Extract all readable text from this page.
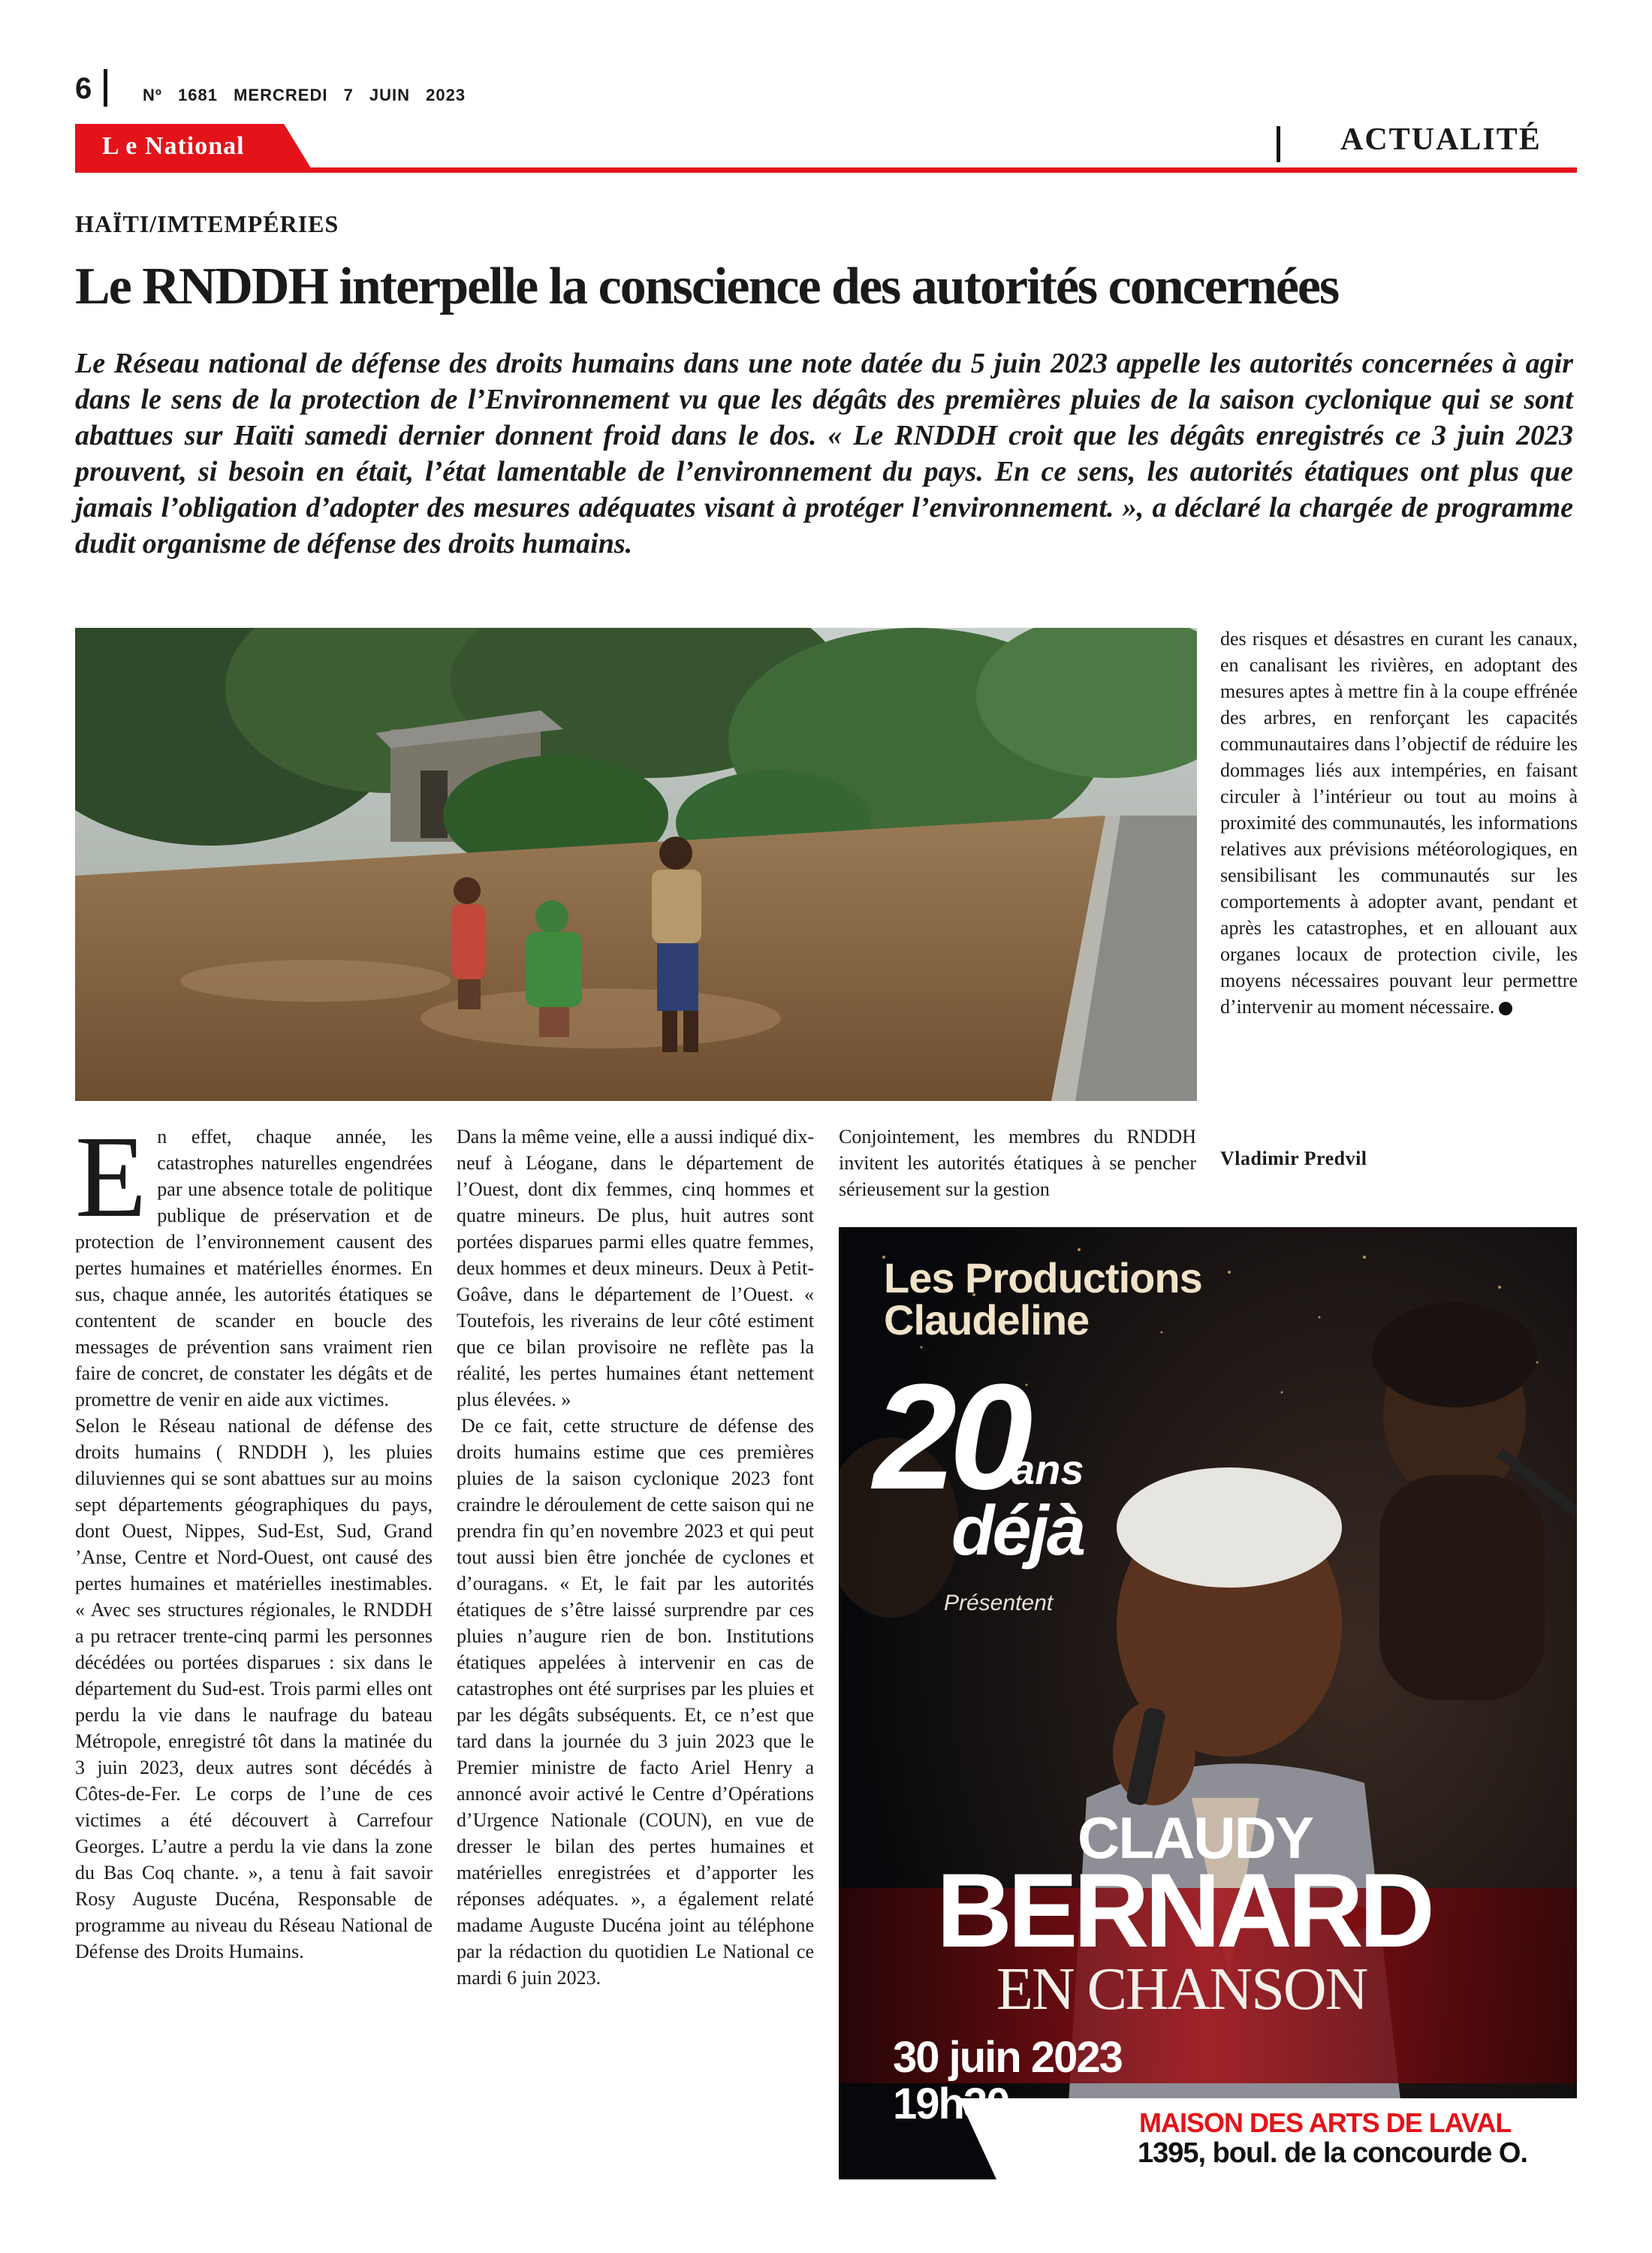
6	Nº 1681 MERCREDI 7 JUIN 2023
L e National	ACTUALITÉ
HAÏTI/IMTEMPÉRIES
Le RNDDH interpelle la conscience des autorités concernées
Le Réseau national de défense des droits humains dans une note datée du 5 juin 2023 appelle les autorités concernées à agir dans le sens de la protection de l’Environnement vu que les dégâts des premières pluies de la saison cyclonique qui se sont abattues sur Haïti samedi dernier donnent froid dans le dos. « Le RNDDH croit que les dégâts enregistrés ce 3 juin 2023 prouvent, si besoin en était, l’état lamentable de l’environnement du pays. En ce sens, les autorités étatiques ont plus que jamais l’obligation d’adopter des mesures adéquates visant à protéger l’environnement. », a déclaré la chargée de programme dudit organisme de défense des droits humains.

En effet, chaque année, les catastrophes naturelles engendrées par une absence totale de politique publique de préservation et de protection de l’environnement causent des pertes humaines et matérielles énormes. En sus, chaque année, les autorités étatiques se contentent de scander en boucle des messages de prévention sans vraiment rien faire de concret, de constater les dégâts et de promettre de venir en aide aux victimes.

Selon le Réseau national de défense des droits humains ( RNDDH ), les pluies diluviennes qui se sont abattues sur au moins sept départements géographiques du pays, dont Ouest, Nippes, Sud-Est, Sud, Grand ’Anse, Centre et Nord-Ouest, ont causé des pertes humaines et matérielles inestimables. « Avec ses structures régionales, le RNDDH a pu retracer trente-cinq parmi les personnes décédées ou portées disparues : six dans le département du Sud-est. Trois parmi elles ont perdu la vie dans le naufrage du bateau Métropole, enregistré tôt dans la matinée du 3 juin 2023, deux autres sont décédés à Côtes-de-Fer. Le corps de l’une de ces victimes a été découvert à Carrefour Georges. L’autre a perdu la vie dans la zone du Bas Coq chante. », a tenu à fait savoir Rosy Auguste Ducéna, Responsable de programme au niveau du Réseau National de Défense des Droits Humains.

Dans la même veine, elle a aussi indiqué dix-neuf à Léogane, dans le département de l’Ouest, dont dix femmes, cinq hommes et quatre mineurs. De plus, huit autres sont portées disparues parmi elles quatre femmes, deux hommes et deux mineurs. Deux à Petit-Goâve, dans le département de l’Ouest. « Toutefois, les riverains de leur côté estiment que ce bilan provisoire ne reflète pas la réalité, les pertes humaines étant nettement plus élevées. »

De ce fait, cette structure de défense des droits humains estime que ces premières pluies de la saison cyclonique 2023 font craindre le déroulement de cette saison qui ne prendra fin qu’en novembre 2023 et qui peut tout aussi bien être jonchée de cyclones et d’ouragans. « Et, le fait par les autorités étatiques de s’être laissé surprendre par ces pluies n’augure rien de bon. Institutions étatiques appelées à intervenir en cas de catastrophes ont été surprises par les pluies et par les dégâts subséquents. Et, ce n’est que tard dans la journée du 3 juin 2023 que le Premier ministre de facto Ariel Henry a annoncé avoir activé le Centre d’Opérations d’Urgence Nationale (COUN), en vue de dresser le bilan des pertes humaines et matérielles enregistrées et d’apporter les réponses adéquates. », a également relaté madame Auguste Ducéna joint au téléphone par la rédaction du quotidien Le National ce mardi 6 juin 2023.

Conjointement, les membres du RNDDH invitent les autorités étatiques à se pencher sérieusement sur la gestion

des risques et désastres en curant les canaux, en canalisant les rivières, en adoptant des mesures aptes à mettre fin à la coupe effrénée des arbres, en renforçant les capacités communautaires dans l’objectif de réduire les dommages liés aux intempéries, en faisant circuler à l’intérieur ou tout au moins à proximité des communautés, les informations relatives aux prévisions météorologiques, en sensibilisant les communautés sur les comportements à adopter avant, pendant et après les catastrophes, et en allouant aux organes locaux de protection civile, les moyens nécessaires pouvant leur permettre d’intervenir au moment nécessaire.

Vladimir Predvil
Les Productions
Claudeline
20
ans
déjà
Présentent
CLAUDY
BERNARD
EN CHANSON
30 juin 2023
19h30	MAISON DES ARTS DE LAVAL
1395, boul. de la concourde O.
